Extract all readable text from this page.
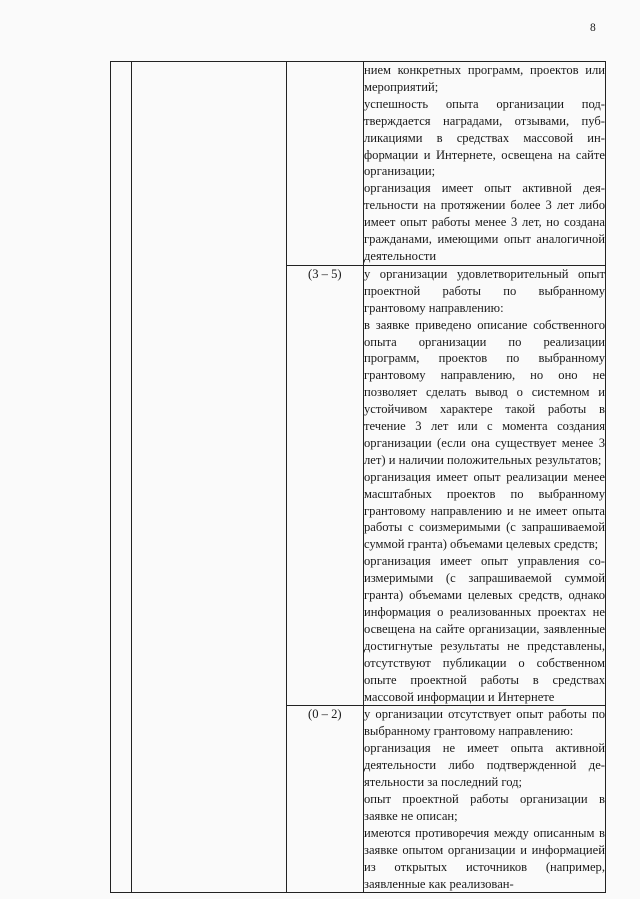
8

			нием конкретных программ, проектов или мероприятий;

успешность опыта организации подтверждается наградами, отзывами, публикациями в средствах массовой информации и Интернете, освещена на сайте организации;

организация имеет опыт активной деятельности на протяжении более 3 лет либо имеет опыт работы менее 3 лет, но создана гражданами, имеющими опыт аналогичной деятельности

		(3 – 5)	у организации удовлетворительный опыт проектной работы по выбранному грантовому направлению:

в заявке приведено описание собственного опыта организации по реализации программ, проектов по выбранному грантовому направлению, но оно не позволяет сделать вывод о системном и устойчивом характере такой работы в течение 3 лет или с момента создания организации (если она существует менее 3 лет) и наличии положительных результатов;

организация имеет опыт реализации менее масштабных проектов по выбранному грантовому направлению и не имеет опыта работы с соизмеримыми (с запрашиваемой суммой гранта) объемами целевых средств;

организация имеет опыт управления соизмеримыми (с запрашиваемой суммой гранта) объемами целевых средств, однако информация о реализованных проектах не освещена на сайте организации, заявленные достигнутые результаты не представлены, отсутствуют публикации о собственном опыте проектной работы в средствах массовой информации и Интернете

		(0 – 2)	у организации отсутствует опыт работы по выбранному грантовому направлению:

организация не имеет опыта активной деятельности либо подтвержденной деятельности за последний год;

опыт проектной работы организации в заявке не описан;

имеются противоречия между описанным в заявке опытом организации и информацией из открытых источников (например, заявленные как реализован-
